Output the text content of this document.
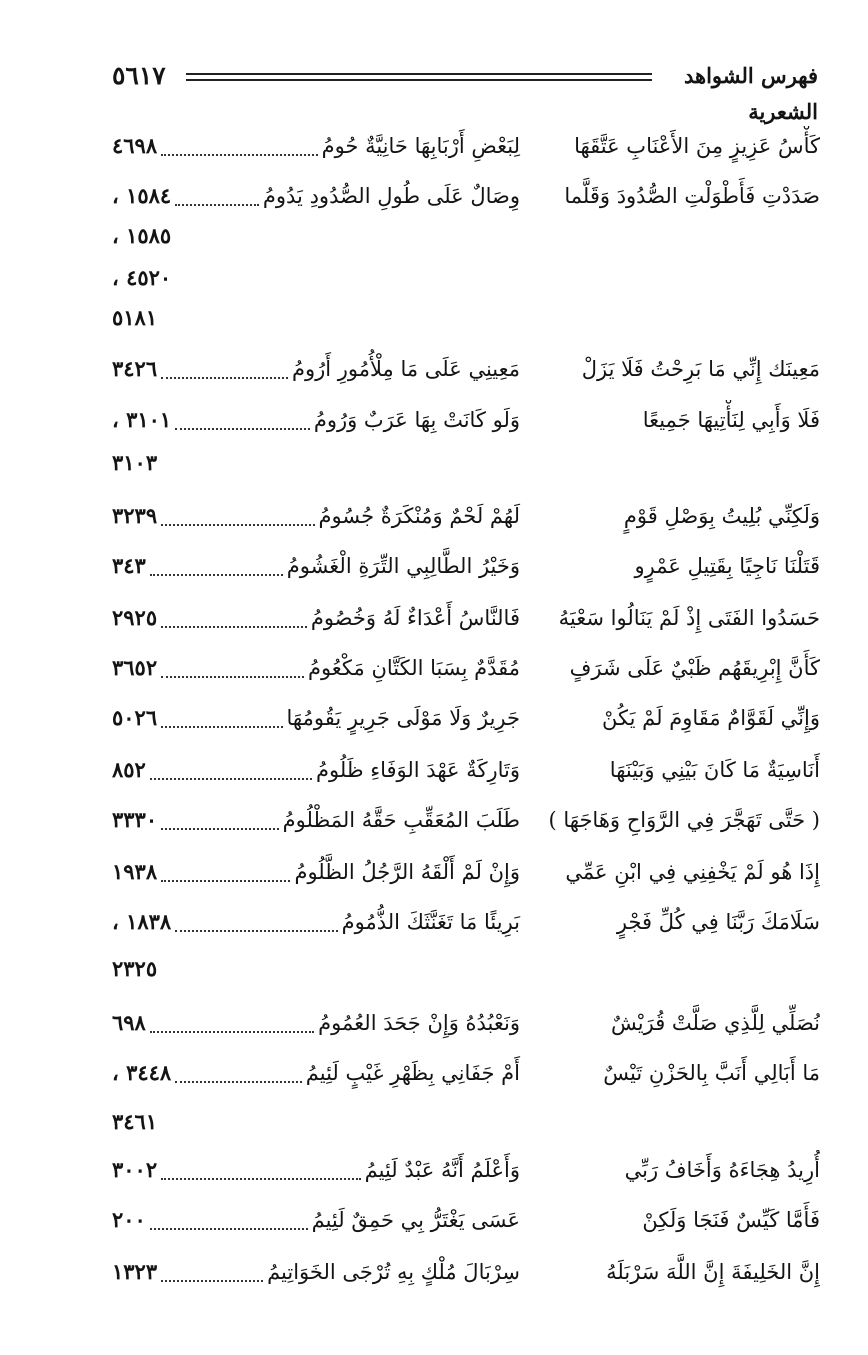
٥٦١٧	فهرس الشواهد الشعرية
كَأْسُ عَزِيزٍ مِنَ الأَعْنَابِ عَتَّقَهَا
لِبَعْضِ أَرْبَابِهَا حَانِيَّةٌ حُومُ
٤٦٩٨
صَدَدْتِ فَأَطْوَلْتِ الصُّدُودَ وَقَلَّما
وِصَالٌ عَلَى طُولِ الصُّدُودِ يَدُومُ
١٥٨٤ ،
مَعِينَك إِنِّي مَا بَرِحْتُ فَلَا يَزَلْ
مَعِينِي عَلَى مَا مِلْأُمُورِ أَرُومُ
٣٤٢٦
فَلَا وَأَبِي لِنَأْتِيهَا جَمِيعًا
وَلَو كَانَتْ بِهَا عَرَبٌ وَرُومُ
٣١٠١ ،
وَلَكِنِّي بُلِيتُ بِوَصْلِ قَوْمٍ
لَهُمْ لَحْمٌ وَمُنْكَرَةٌ جُسُومُ
٣٢٣٩
قَتَلْنَا نَاجِيًا بِقَتِيلِ عَمْرٍو
وَخَيْرُ الطَّالِبِي التِّرَةِ الْغَشُومُ
٣٤٣
حَسَدُوا الفَتَى إِذْ لَمْ يَنَالُوا سَعْيَهُ
فَالنَّاسُ أَعْدَاءٌ لَهُ وَخُصُومُ
٢٩٢٥
كَأَنَّ إِبْرِيقَهُم ظَبْيٌ عَلَى شَرَفٍ
مُقَدَّمٌ بِسَبَا الكَتَّانِ مَكْعُومُ
٣٦٥٢
وَإِنِّي لَقَوَّامٌ مَقَاوِمَ لَمْ يَكُنْ
جَرِيرٌ وَلَا مَوْلَى جَرِيرٍ يَقُومُهَا
٥٠٢٦
أَنَاسِيَةٌ مَا كَانَ بَيْنِي وَبَيْنَهَا
وَتَارِكَةٌ عَهْدَ الوَفَاءِ ظَلُومُ
٨٥٢
( حَتَّى تَهَجَّرَ فِي الرَّوَاحِ وَهَاجَهَا )
طَلَبَ المُعَقِّبِ حَقَّهُ المَظْلُومُ
٣٣٣٠
إِذَا هُو لَمْ يَخْفِنِي فِي ابْنِ عَمِّي
وَإِنْ لَمْ أَلْقَهُ الرَّجُلُ الظَّلُومُ
١٩٣٨
سَلَامَكَ رَبَّنَا فِي كُلِّ فَجْرٍ
بَرِيئًا مَا تَغَنَّثَكَ الذُّمُومُ
١٨٣٨ ،
نُصَلِّي لِلَّذِي صَلَّتْ قُرَيْشٌ
وَنَعْبُدُهُ وَإِنْ جَحَدَ العُمُومُ
٦٩٨
مَا أَبَالِي أَنَبَّ بِالحَزْنِ تَيْسٌ
أَمْ جَفَانِي بِظَهْرِ غَيْبٍ لَئِيمُ
٣٤٤٨ ،
أُرِيدُ هِجَاءَهُ وَأَخَافُ رَبِّي
وَأَعْلَمُ أَنَّهُ عَبْدٌ لَئِيمُ
٣٠٠٢
فَأَمَّا كَيِّسٌ فَنَجَا وَلَكِنْ
عَسَى يَغْتَرُّ بِي حَمِقٌ لَئِيمُ
٢٠٠
إِنَّ الخَلِيفَةَ إِنَّ اللَّهَ سَرْبَلَهُ
سِرْبَالَ مُلْكٍ بِهِ تُرْجَى الخَوَاتِيمُ
١٣٢٣
١٥٨٥ ،
٤٥٢٠ ،
٥١٨١
٣١٠٣
٢٣٢٥
٣٤٦١
